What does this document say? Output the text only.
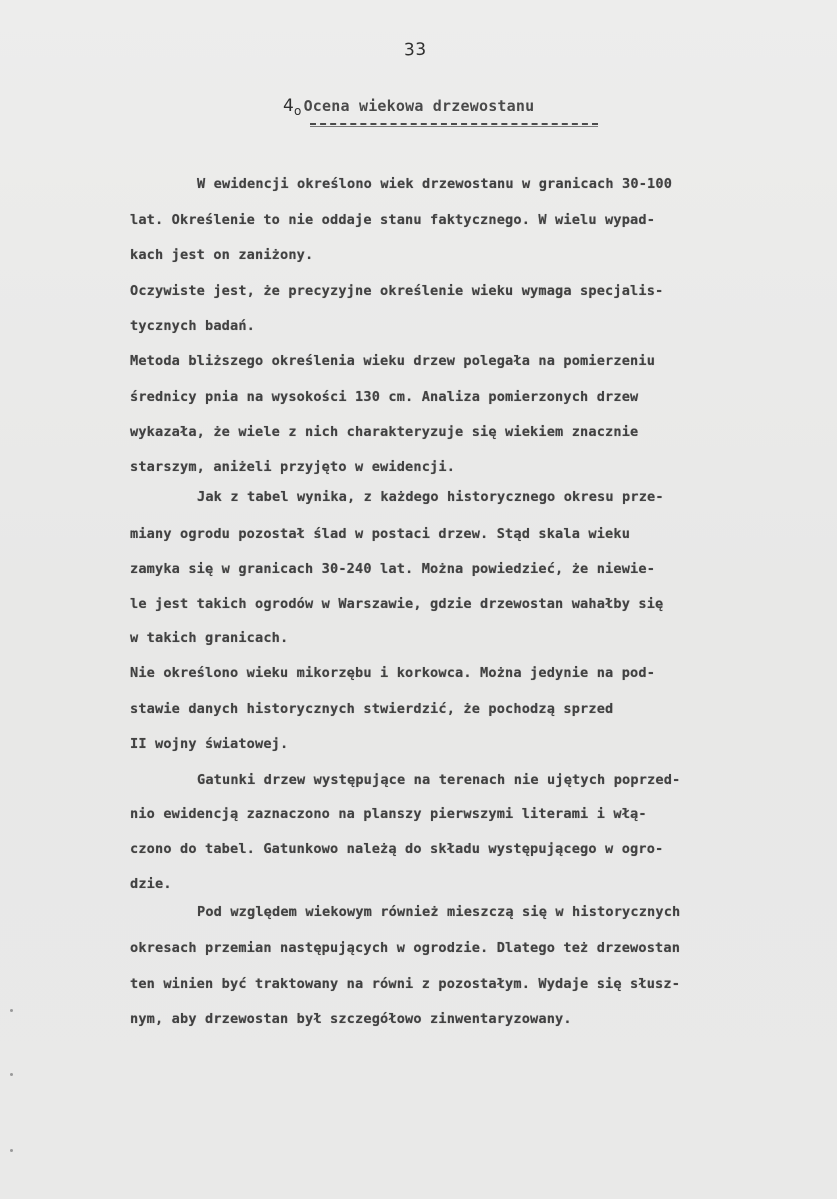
33
$4_o$ Ocena wiekowa drzewostanu
W ewidencji określono wiek drzewostanu w granicach 30-100
lat. Określenie to nie oddaje stanu faktycznego. W wielu wypad-
kach jest on zaniżony.
Oczywiste jest, że precyzyjne określenie wieku wymaga specjalis-
tycznych badań.
Metoda bliższego określenia wieku drzew polegała na pomierzeniu
średnicy pnia na wysokości 130 cm. Analiza pomierzonych drzew
wykazała, że wiele z nich charakteryzuje się wiekiem znacznie
starszym, aniżeli przyjęto w ewidencji.
Jak z tabel wynika, z każdego historycznego okresu prze-
miany ogrodu pozostał ślad w postaci drzew. Stąd skala wieku
zamyka się w granicach 30-240 lat. Można powiedzieć, że niewie-
le jest takich ogrodów w Warszawie, gdzie drzewostan wahałby się
w takich granicach.
Nie określono wieku mikorzębu i korkowca. Można jedynie na pod-
stawie danych historycznych stwierdzić, że pochodzą sprzed
II wojny światowej.
Gatunki drzew występujące na terenach nie ujętych poprzed-
nio ewidencją zaznaczono na planszy pierwszymi literami i włą-
czono do tabel. Gatunkowo należą do składu występującego w ogro-
dzie.
Pod względem wiekowym również mieszczą się w historycznych
okresach przemian następujących w ogrodzie. Dlatego też drzewostan
ten winien być traktowany na równi z pozostałym. Wydaje się słusz-
nym, aby drzewostan był szczegółowo zinwentaryzowany.
